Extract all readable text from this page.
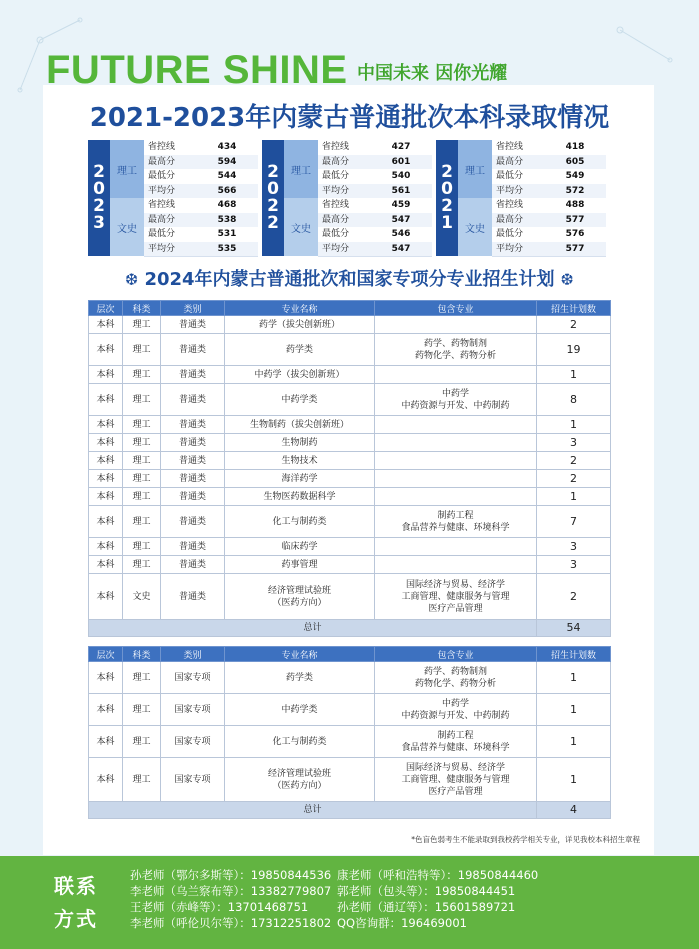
FUTURE SHINE 中国未来 因你光耀
2021-2023年内蒙古普通批次本科录取情况
2
0
2
3
理工
省控线	434
最高分	594
最低分	544
平均分	566
文史
省控线	468
最高分	538
最低分	531
平均分	535
2
0
2
2
理工
省控线	427
最高分	601
最低分	540
平均分	561
文史
省控线	459
最高分	547
最低分	546
平均分	547
2
0
2
1
理工
省控线	418
最高分	605
最低分	549
平均分	572
文史
省控线	488
最高分	577
最低分	576
平均分	577
❆ 2024年内蒙古普通批次和国家专项分专业招生计划 ❆
层次	科类	类别	专业名称	包含专业	招生计划数
本科	理工	普通类	药学（拔尖创新班）		2
本科	理工	普通类	药学类	药学、药物制剂
药物化学、药物分析	19
本科	理工	普通类	中药学（拔尖创新班）		1
本科	理工	普通类	中药学类	中药学
中药资源与开发、中药制药	8
本科	理工	普通类	生物制药（拔尖创新班）		1
本科	理工	普通类	生物制药		3
本科	理工	普通类	生物技术		2
本科	理工	普通类	海洋药学		2
本科	理工	普通类	生物医药数据科学		1
本科	理工	普通类	化工与制药类	制药工程
食品营养与健康、环境科学	7
本科	理工	普通类	临床药学		3
本科	理工	普通类	药事管理		3
本科	文史	普通类	经济管理试验班
（医药方向）	国际经济与贸易、经济学
工商管理、健康服务与管理
医疗产品管理	2
总计					54
层次	科类	类别	专业名称	包含专业	招生计划数
本科	理工	国家专项	药学类	药学、药物制剂
药物化学、药物分析	1
本科	理工	国家专项	中药学类	中药学
中药资源与开发、中药制药	1
本科	理工	国家专项	化工与制药类	制药工程
食品营养与健康、环境科学	1
本科	理工	国家专项	经济管理试验班
（医药方向）	国际经济与贸易、经济学
工商管理、健康服务与管理
医疗产品管理	1
总计					4
*色盲色弱考生不能录取到我校药学相关专业，详见我校本科招生章程
联系
方式
孙老师（鄂尔多斯等）：19850844536 康老师（呼和浩特等）：19850844460
李老师（乌兰察布等）：13382779807 郭老师（包头等）：19850844451
王老师（赤峰等）：13701468751	孙老师（通辽等）：15601589721
李老师（呼伦贝尔等）：17312251802 QQ咨询群：196469001
